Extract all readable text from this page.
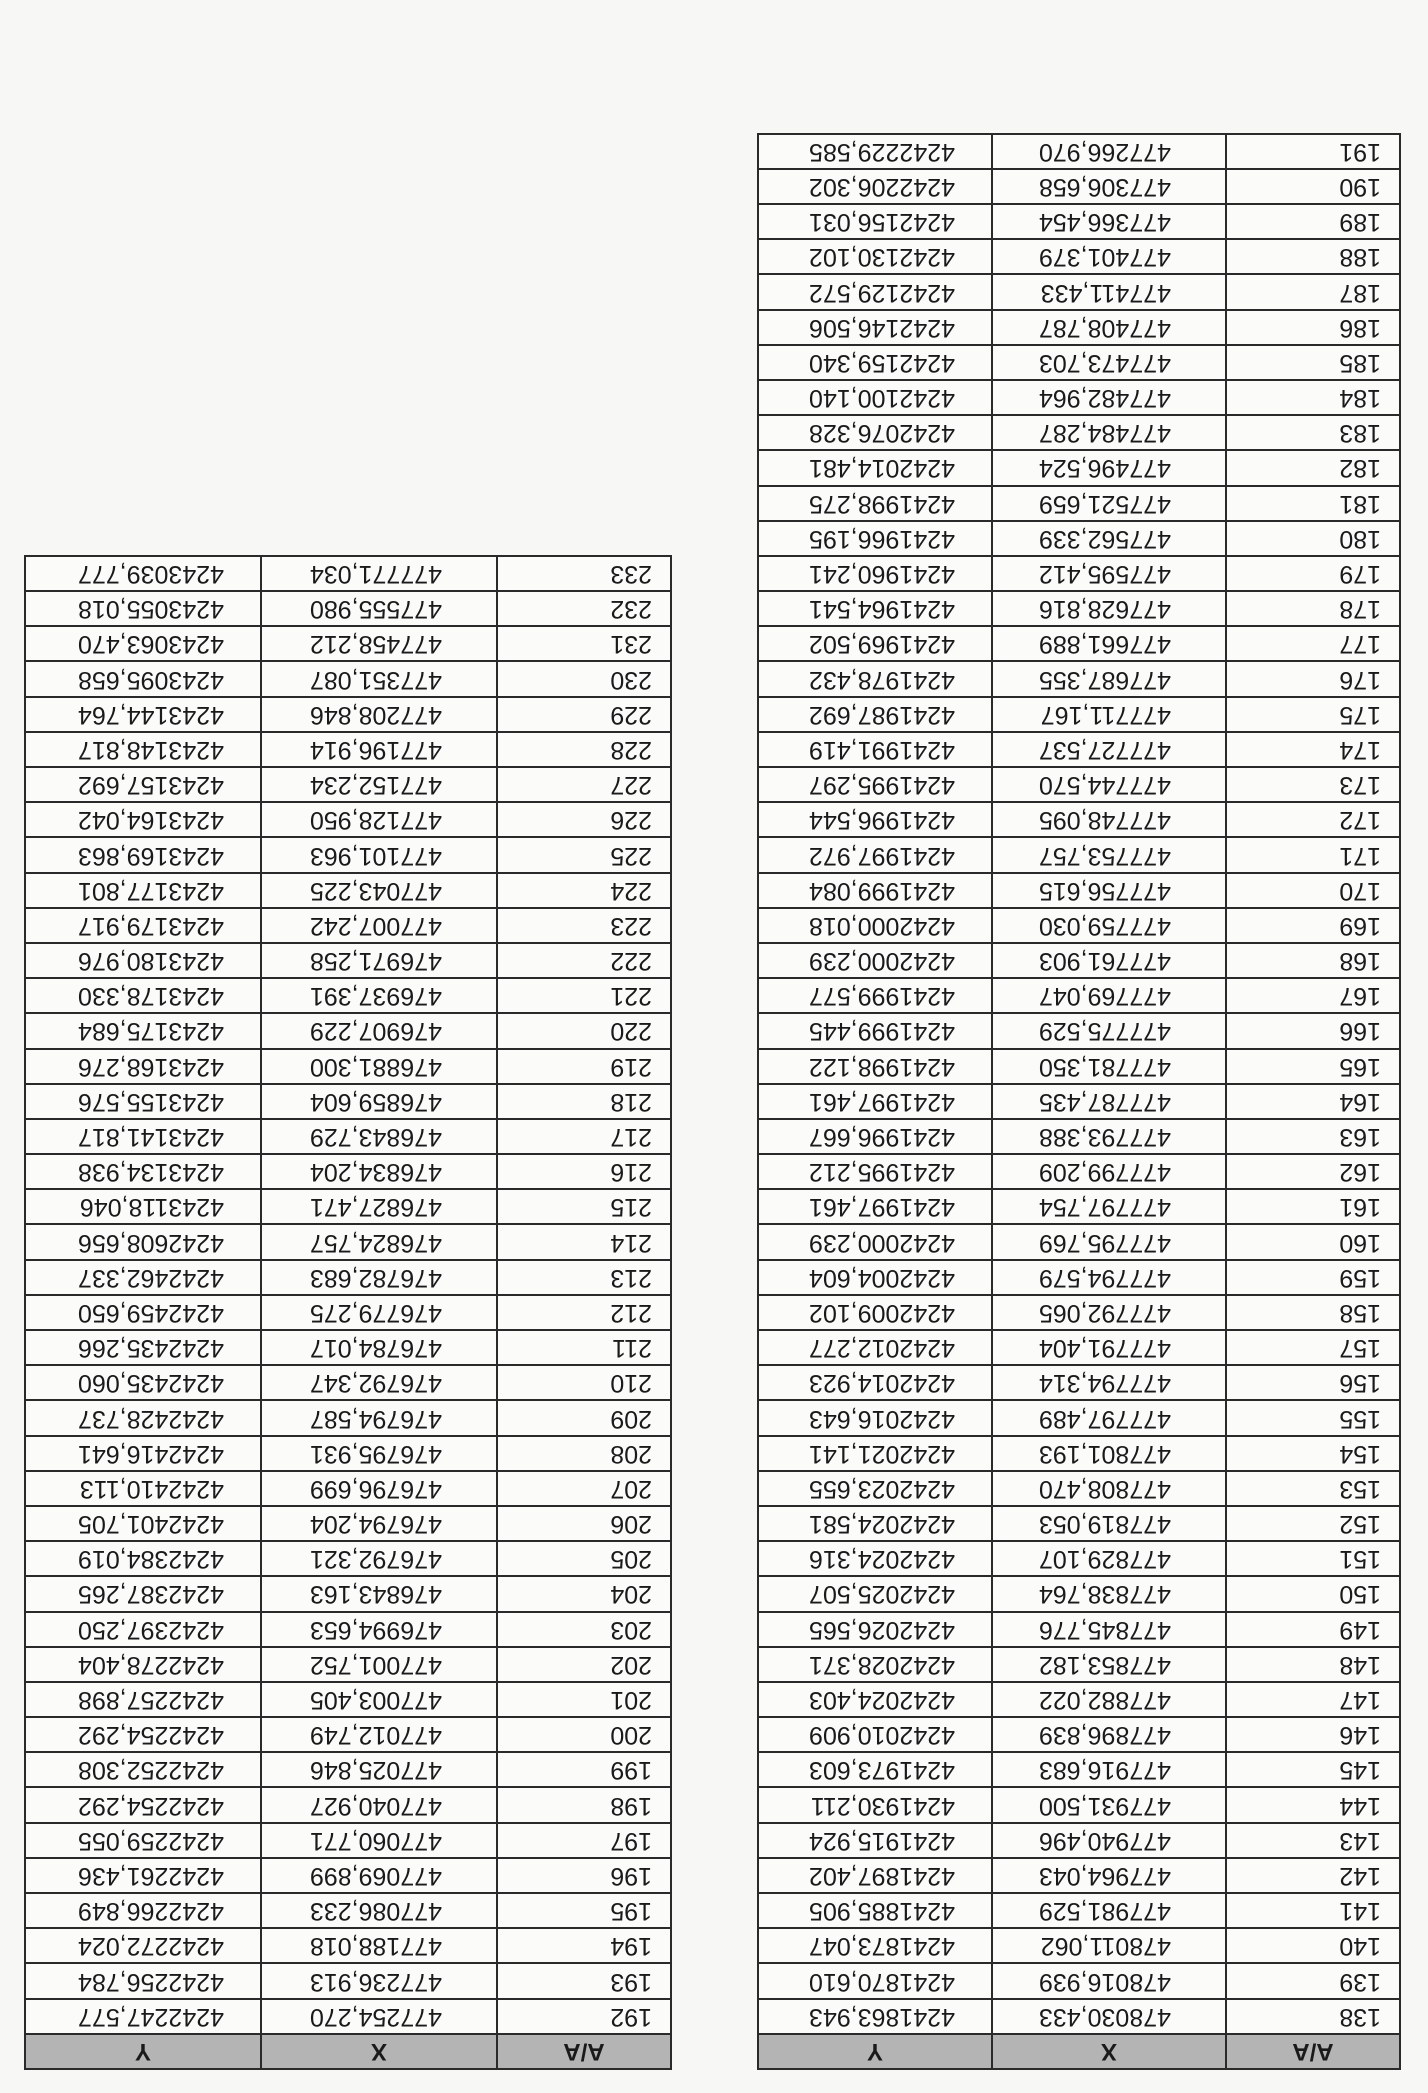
Α/Α	X	Y
138	478030,433	4241863,943
139	478016,939	4241870,610
140	478011,062	4241873,047
141	477981,529	4241885,905
142	477964,043	4241897,402
143	477940,496	4241915,924
144	477931,500	4241930,211
145	477916,683	4241973,603
146	477896,839	4242010,909
147	477882,022	4242024,403
148	477853,182	4242028,371
149	477845,776	4242026,565
150	477838,764	4242025,507
151	477829,107	4242024,316
152	477819,053	4242024,581
153	477808,470	4242023,655
154	477801,193	4242021,141
155	477797,489	4242016,643
156	477794,314	4242014,923
157	477791,404	4242012,277
158	477792,065	4242009,102
159	477794,579	4242004,604
160	477795,769	4242000,239
161	477797,754	4241997,461
162	477799,209	4241995,212
163	477793,388	4241996,667
164	477787,435	4241997,461
165	477781,350	4241998,122
166	477775,529	4241999,445
167	477769,047	4241999,577
168	477761,903	4242000,239
169	477759,030	4242000,018
170	477756,615	4241999,084
171	477753,757	4241997,972
172	477748,095	4241996,544
173	477744,570	4241995,297
174	477727,537	4241991,419
175	477711,167	4241987,692
176	477687,355	4241978,432
177	477661,889	4241969,502
178	477628,816	4241964,541
179	477595,412	4241960,241
180	477562,339	4241966,195
181	477521,659	4241998,275
182	477496,524	4242014,481
183	477484,287	4242076,328
184	477482,964	4242100,140
185	477473,703	4242159,340
186	477408,787	4242146,506
187	477411,433	4242129,572
188	477401,379	4242130,102
189	477366,454	4242156,031
190	477306,658	4242206,302
191	477266,970	4242229,585
Α/Α	X	Y
192	477254,270	4242247,577
193	477236,913	4242256,784
194	477188,018	4242272,024
195	477086,233	4242266,849
196	477069,899	4242261,436
197	477060,771	4242259,055
198	477040,927	4242254,292
199	477025,846	4242252,308
200	477012,749	4242254,292
201	477003,405	4242257,898
202	477001,752	4242278,404
203	476994,653	4242397,250
204	476843,163	4242387,265
205	476792,321	4242384,019
206	476794,204	4242401,705
207	476796,699	4242410,113
208	476795,931	4242416,641
209	476794,587	4242428,737
210	476792,347	4242435,060
211	476784,017	4242435,266
212	476779,275	4242459,650
213	476782,683	4242462,337
214	476824,757	4242608,656
215	476827,471	4243118,046
216	476834,204	4243134,938
217	476843,729	4243141,817
218	476859,604	4243155,576
219	476881,300	4243168,276
220	476907,229	4243175,684
221	476937,391	4243178,330
222	476971,258	4243180,976
223	477007,242	4243179,917
224	477043,225	4243177,801
225	477101,963	4243169,863
226	477128,950	4243164,042
227	477152,234	4243157,692
228	477196,914	4243148,817
229	477208,846	4243144,764
230	477351,087	4243095,658
231	477458,212	4243063,470
232	477555,980	4243055,018
233	477771,034	4243039,777
